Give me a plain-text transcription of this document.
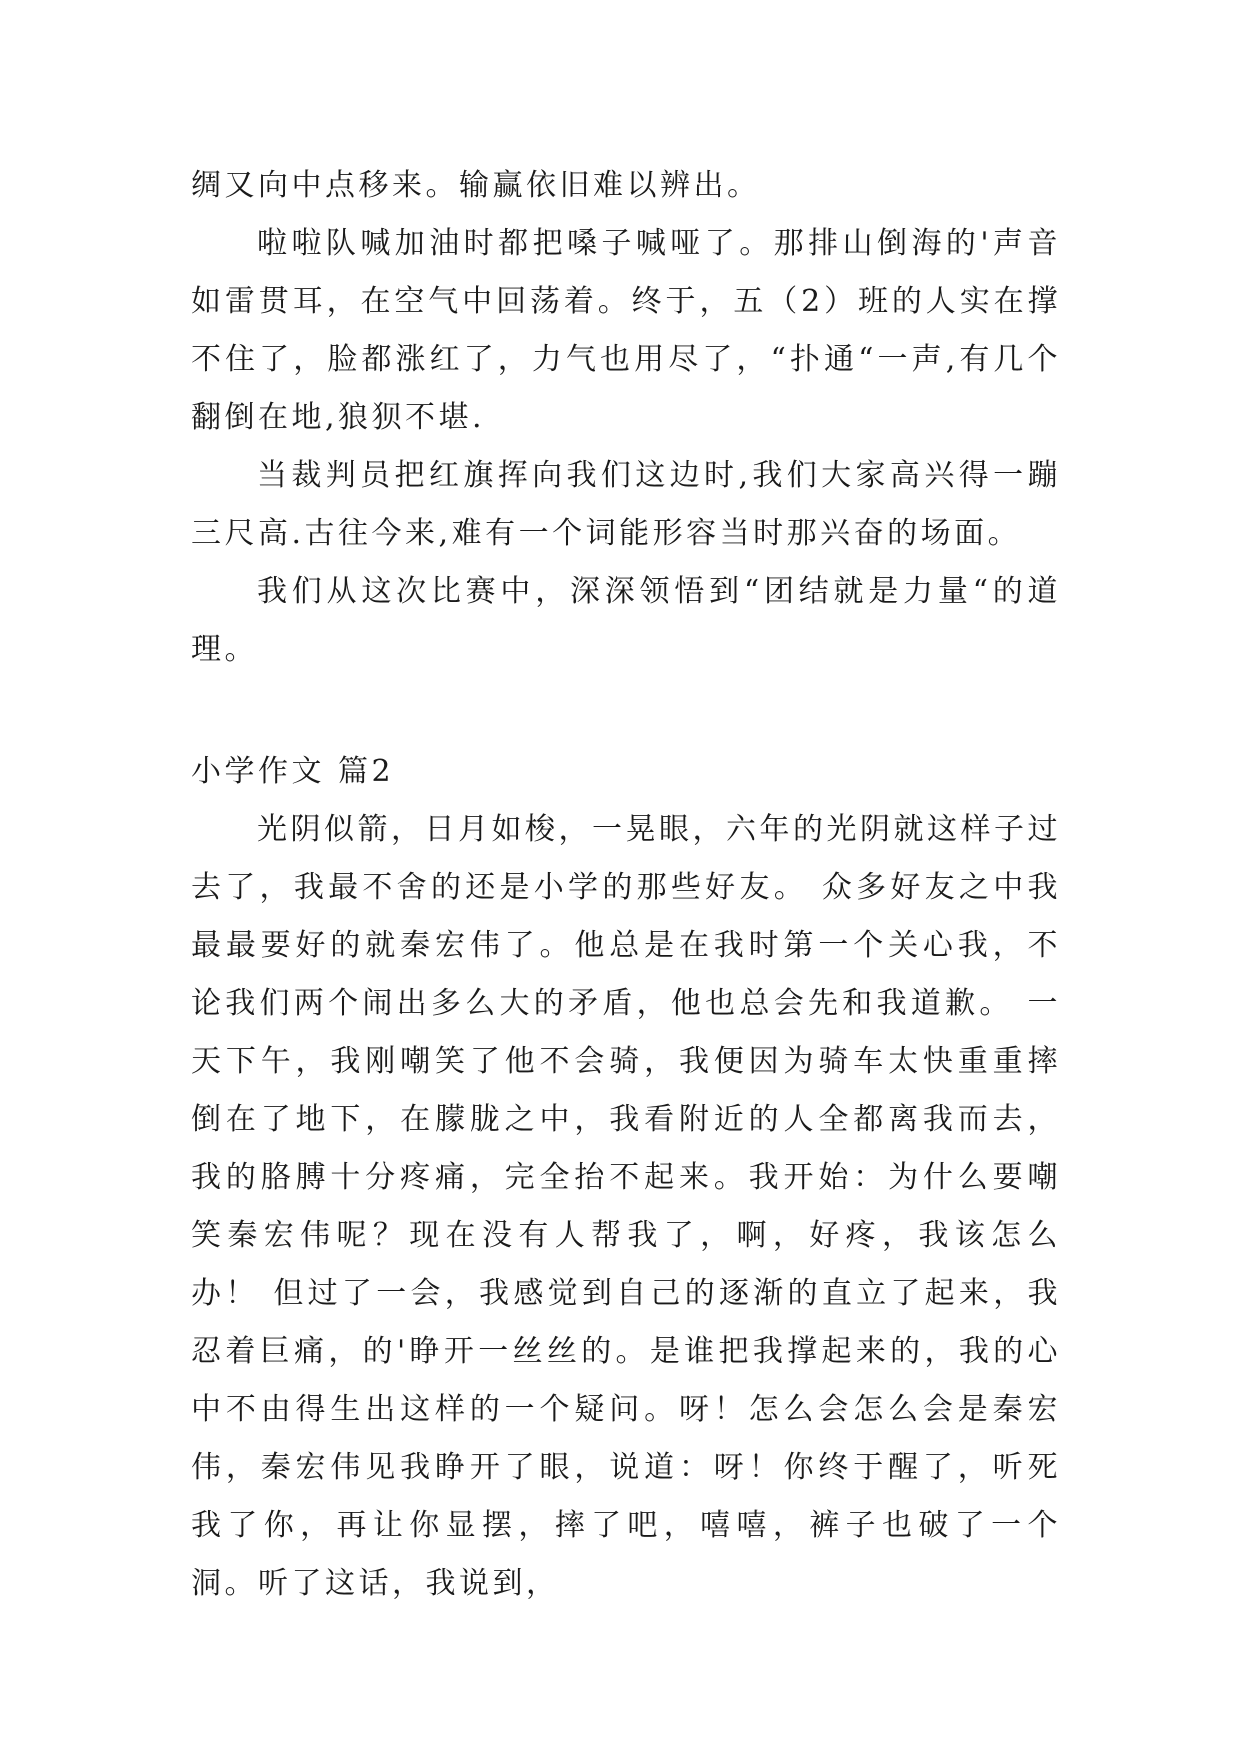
绸又向中点移来。输赢依旧难以辨出。

啦啦队喊加油时都把嗓子喊哑了。那排山倒海的'声音如雷贯耳，在空气中回荡着。终于，五（2）班的人实在撑不住了，脸都涨红了，力气也用尽了，“扑通“一声,有几个翻倒在地,狼狈不堪.

当裁判员把红旗挥向我们这边时,我们大家高兴得一蹦三尺高.古往今来,难有一个词能形容当时那兴奋的场面。

我们从这次比赛中，深深领悟到“团结就是力量“的道理。

小学作文 篇2

光阴似箭，日月如梭，一晃眼，六年的光阴就这样子过去了，我最不舍的还是小学的那些好友。 众多好友之中我最最要好的就秦宏伟了。他总是在我时第一个关心我，不论我们两个闹出多么大的矛盾，他也总会先和我道歉。 一天下午，我刚嘲笑了他不会骑，我便因为骑车太快重重摔倒在了地下，在朦胧之中，我看附近的人全都离我而去，我的胳膊十分疼痛，完全抬不起来。我开始：为什么要嘲笑秦宏伟呢？现在没有人帮我了，啊，好疼，我该怎么办！ 但过了一会，我感觉到自己的逐渐的直立了起来，我忍着巨痛，的'睁开一丝丝的。是谁把我撑起来的，我的心中不由得生出这样的一个疑问。呀！怎么会怎么会是秦宏伟，秦宏伟见我睁开了眼，说道：呀！你终于醒了，听死我了你，再让你显摆，摔了吧，嘻嘻，裤子也破了一个洞。听了这话，我说到，
